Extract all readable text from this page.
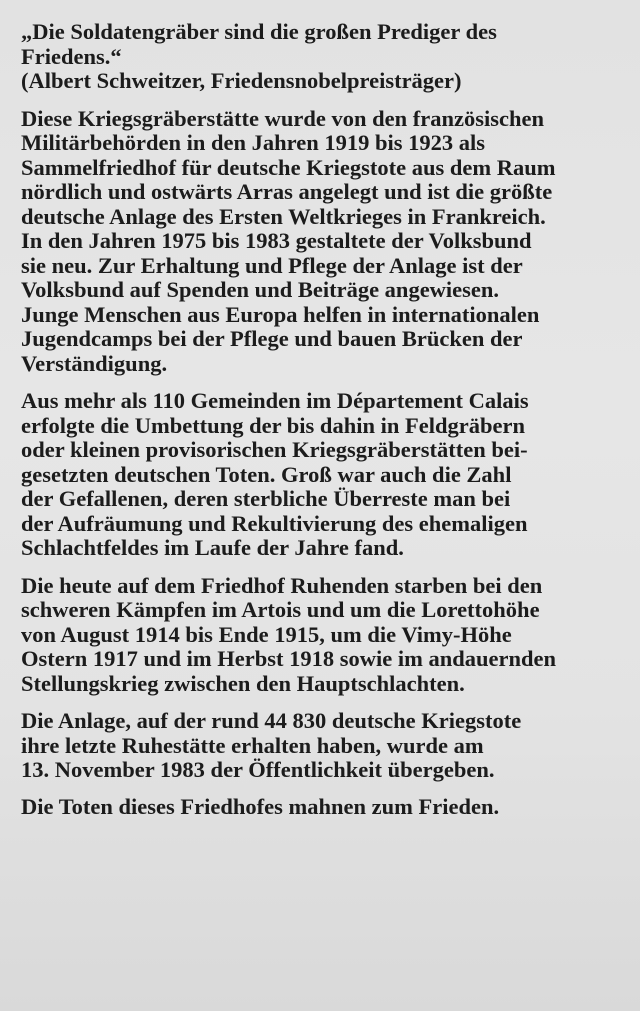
„Die Soldatengräber sind die großen Prediger des
Friedens.“
(Albert Schweitzer, Friedensnobelpreisträger)
Diese Kriegsgräberstätte wurde von den französischen
Militärbehörden in den Jahren 1919 bis 1923 als
Sammelfriedhof für deutsche Kriegstote aus dem Raum
nördlich und ostwärts Arras angelegt und ist die größte
deutsche Anlage des Ersten Weltkrieges in Frankreich.
In den Jahren 1975 bis 1983 gestaltete der Volksbund
sie neu. Zur Erhaltung und Pflege der Anlage ist der
Volksbund auf Spenden und Beiträge angewiesen.
Junge Menschen aus Europa helfen in internationalen
Jugendcamps bei der Pflege und bauen Brücken der
Verständigung.
Aus mehr als 110 Gemeinden im Département Calais
erfolgte die Umbettung der bis dahin in Feldgräbern
oder kleinen provisorischen Kriegsgräberstätten bei-
gesetzten deutschen Toten. Groß war auch die Zahl
der Gefallenen, deren sterbliche Überreste man bei
der Aufräumung und Rekultivierung des ehemaligen
Schlachtfeldes im Laufe der Jahre fand.
Die heute auf dem Friedhof Ruhenden starben bei den
schweren Kämpfen im Artois und um die Lorettohöhe
von August 1914 bis Ende 1915, um die Vimy-Höhe
Ostern 1917 und im Herbst 1918 sowie im andauernden
Stellungskrieg zwischen den Hauptschlachten.
Die Anlage, auf der rund 44 830 deutsche Kriegstote
ihre letzte Ruhestätte erhalten haben, wurde am
13. November 1983 der Öffentlichkeit übergeben.
Die Toten dieses Friedhofes mahnen zum Frieden.
